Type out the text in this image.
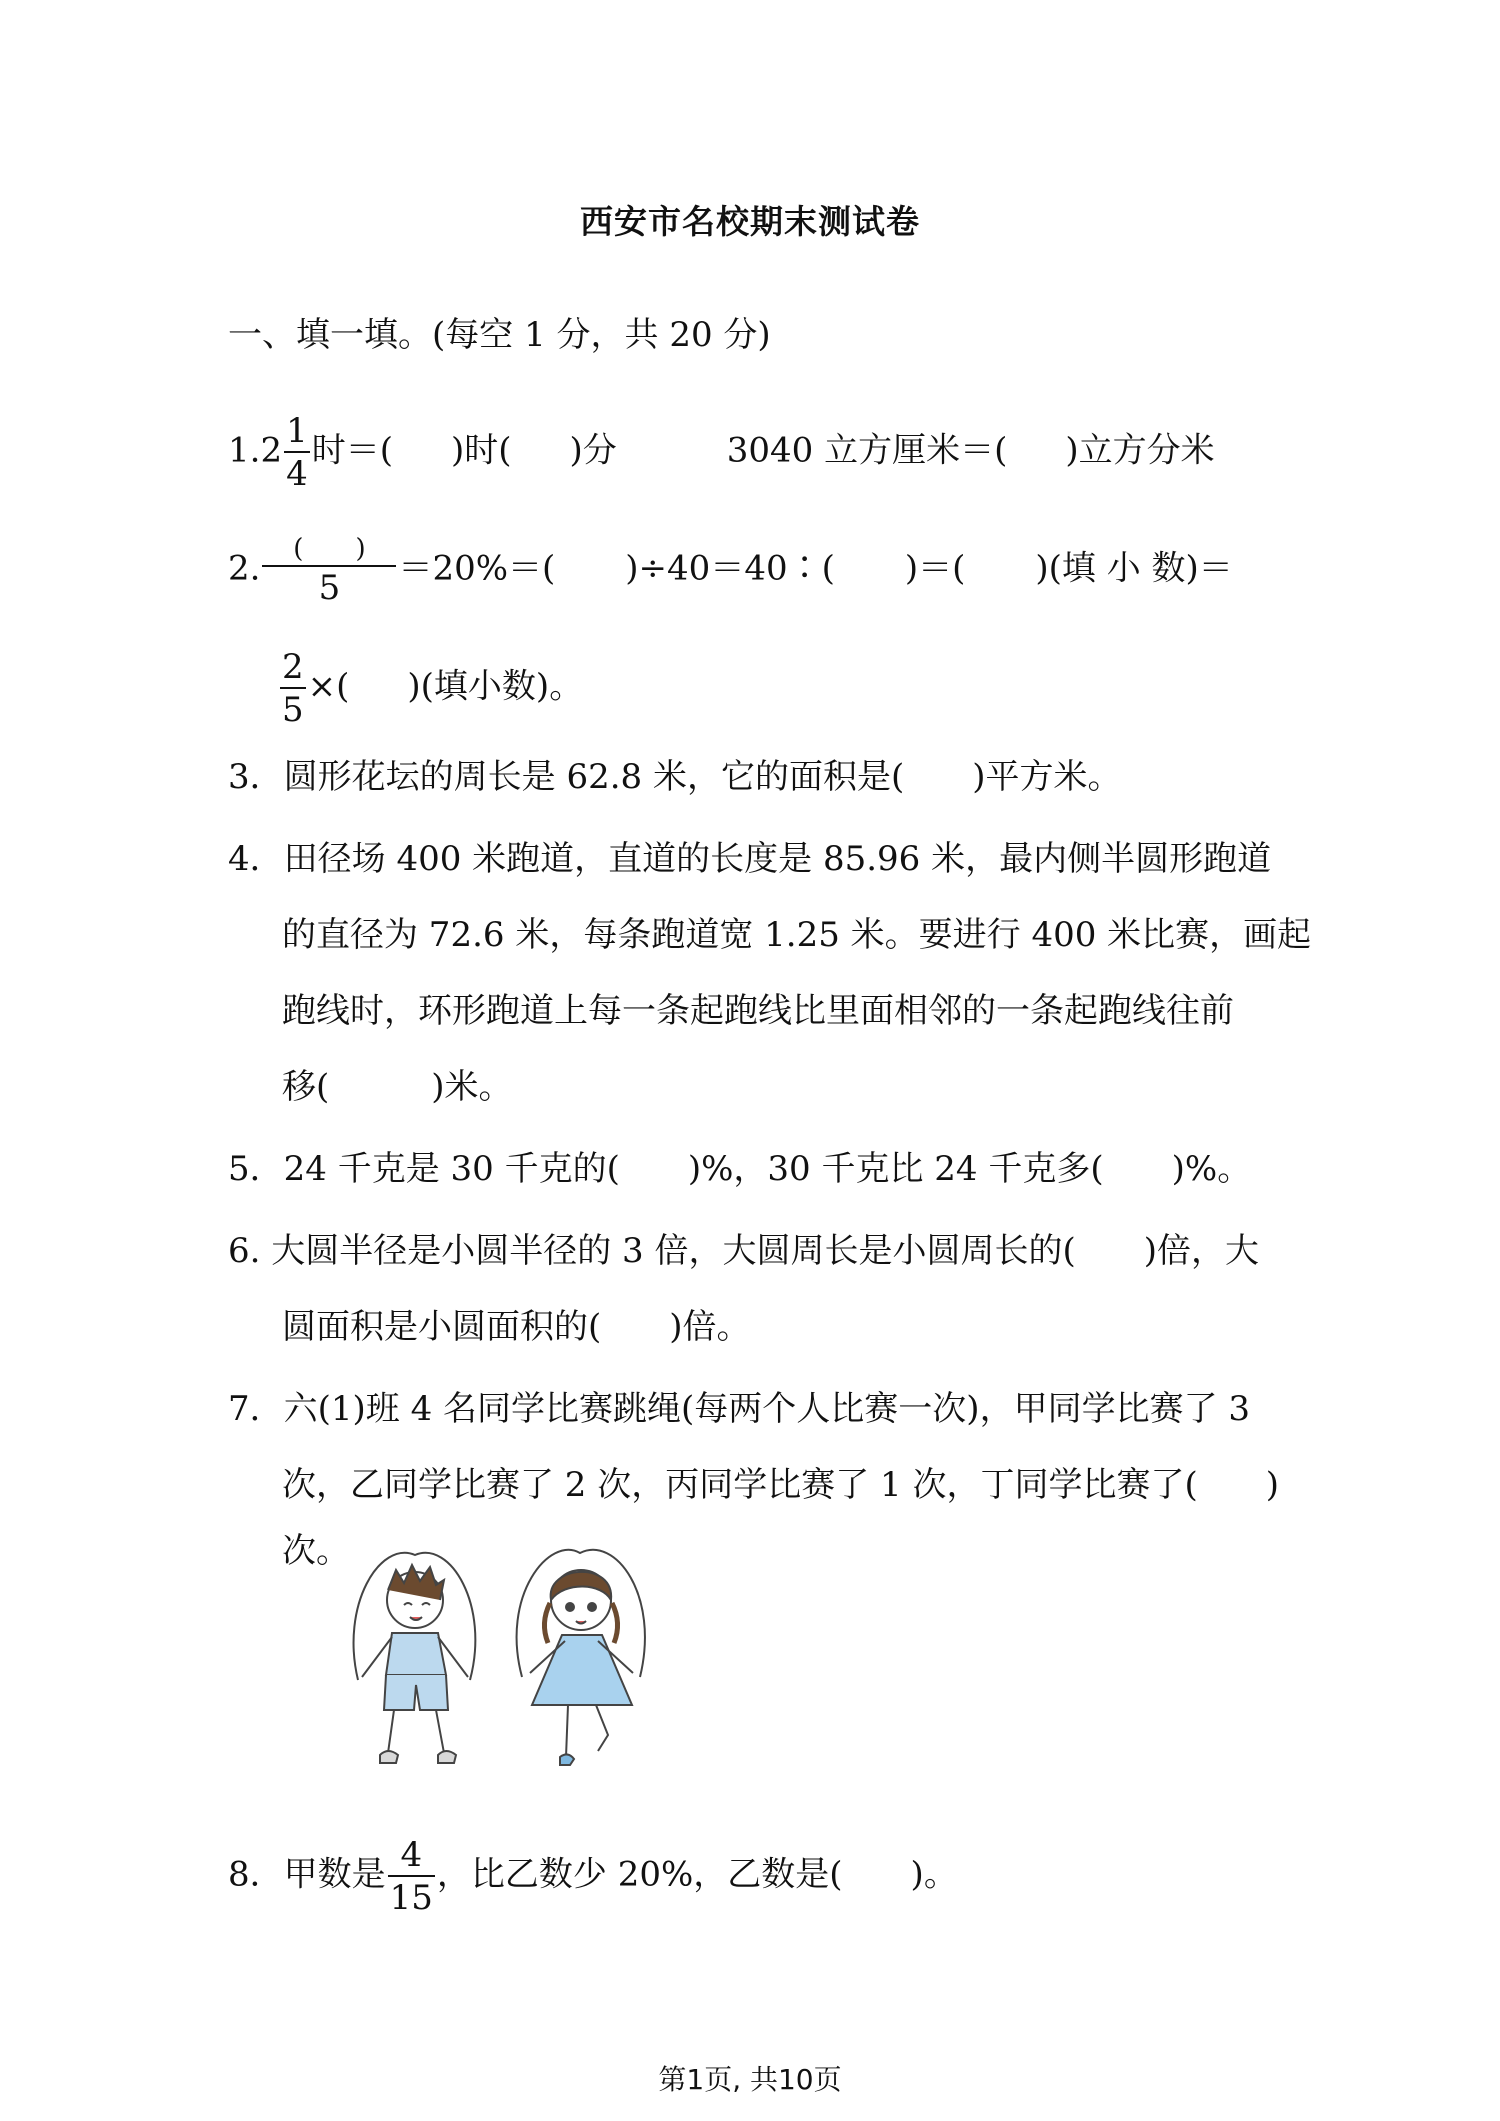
西安市名校期末测试卷
一、填一填。(每空 1 分，共 20 分)
$1.2 \frac{1}{4}$ 时＝( )时( )分	3040 立方厘米＝( )立方分米
2. $\frac{( )}{5} =20\%=$( )÷40＝40∶( )＝( )(填 小 数)＝
$\frac{2}{5}$ ×( )(填小数)。
3．圆形花坛的周长是 62.8 米，它的面积是(　　)平方米。
4．田径场 400 米跑道，直道的长度是 85.96 米，最内侧半圆形跑道
的直径为 72.6 米，每条跑道宽 1.25 米。要进行 400 米比赛，画起
跑线时，环形跑道上每一条起跑线比里面相邻的一条起跑线往前
移(　　　)米。
5．24 千克是 30 千克的(　　)%，30 千克比 24 千克多(　　)%。
6. 大圆半径是小圆半径的 3 倍，大圆周长是小圆周长的(　　)倍，大
圆面积是小圆面积的(　　)倍。
7．六(1)班 4 名同学比赛跳绳(每两个人比赛一次)，甲同学比赛了 3
次，乙同学比赛了 2 次，丙同学比赛了 1 次，丁同学比赛了(　　)
次。
8．甲数是 $\frac{4}{15}$ ，比乙数少 20%，乙数是(　　)。
第1页, 共10页
